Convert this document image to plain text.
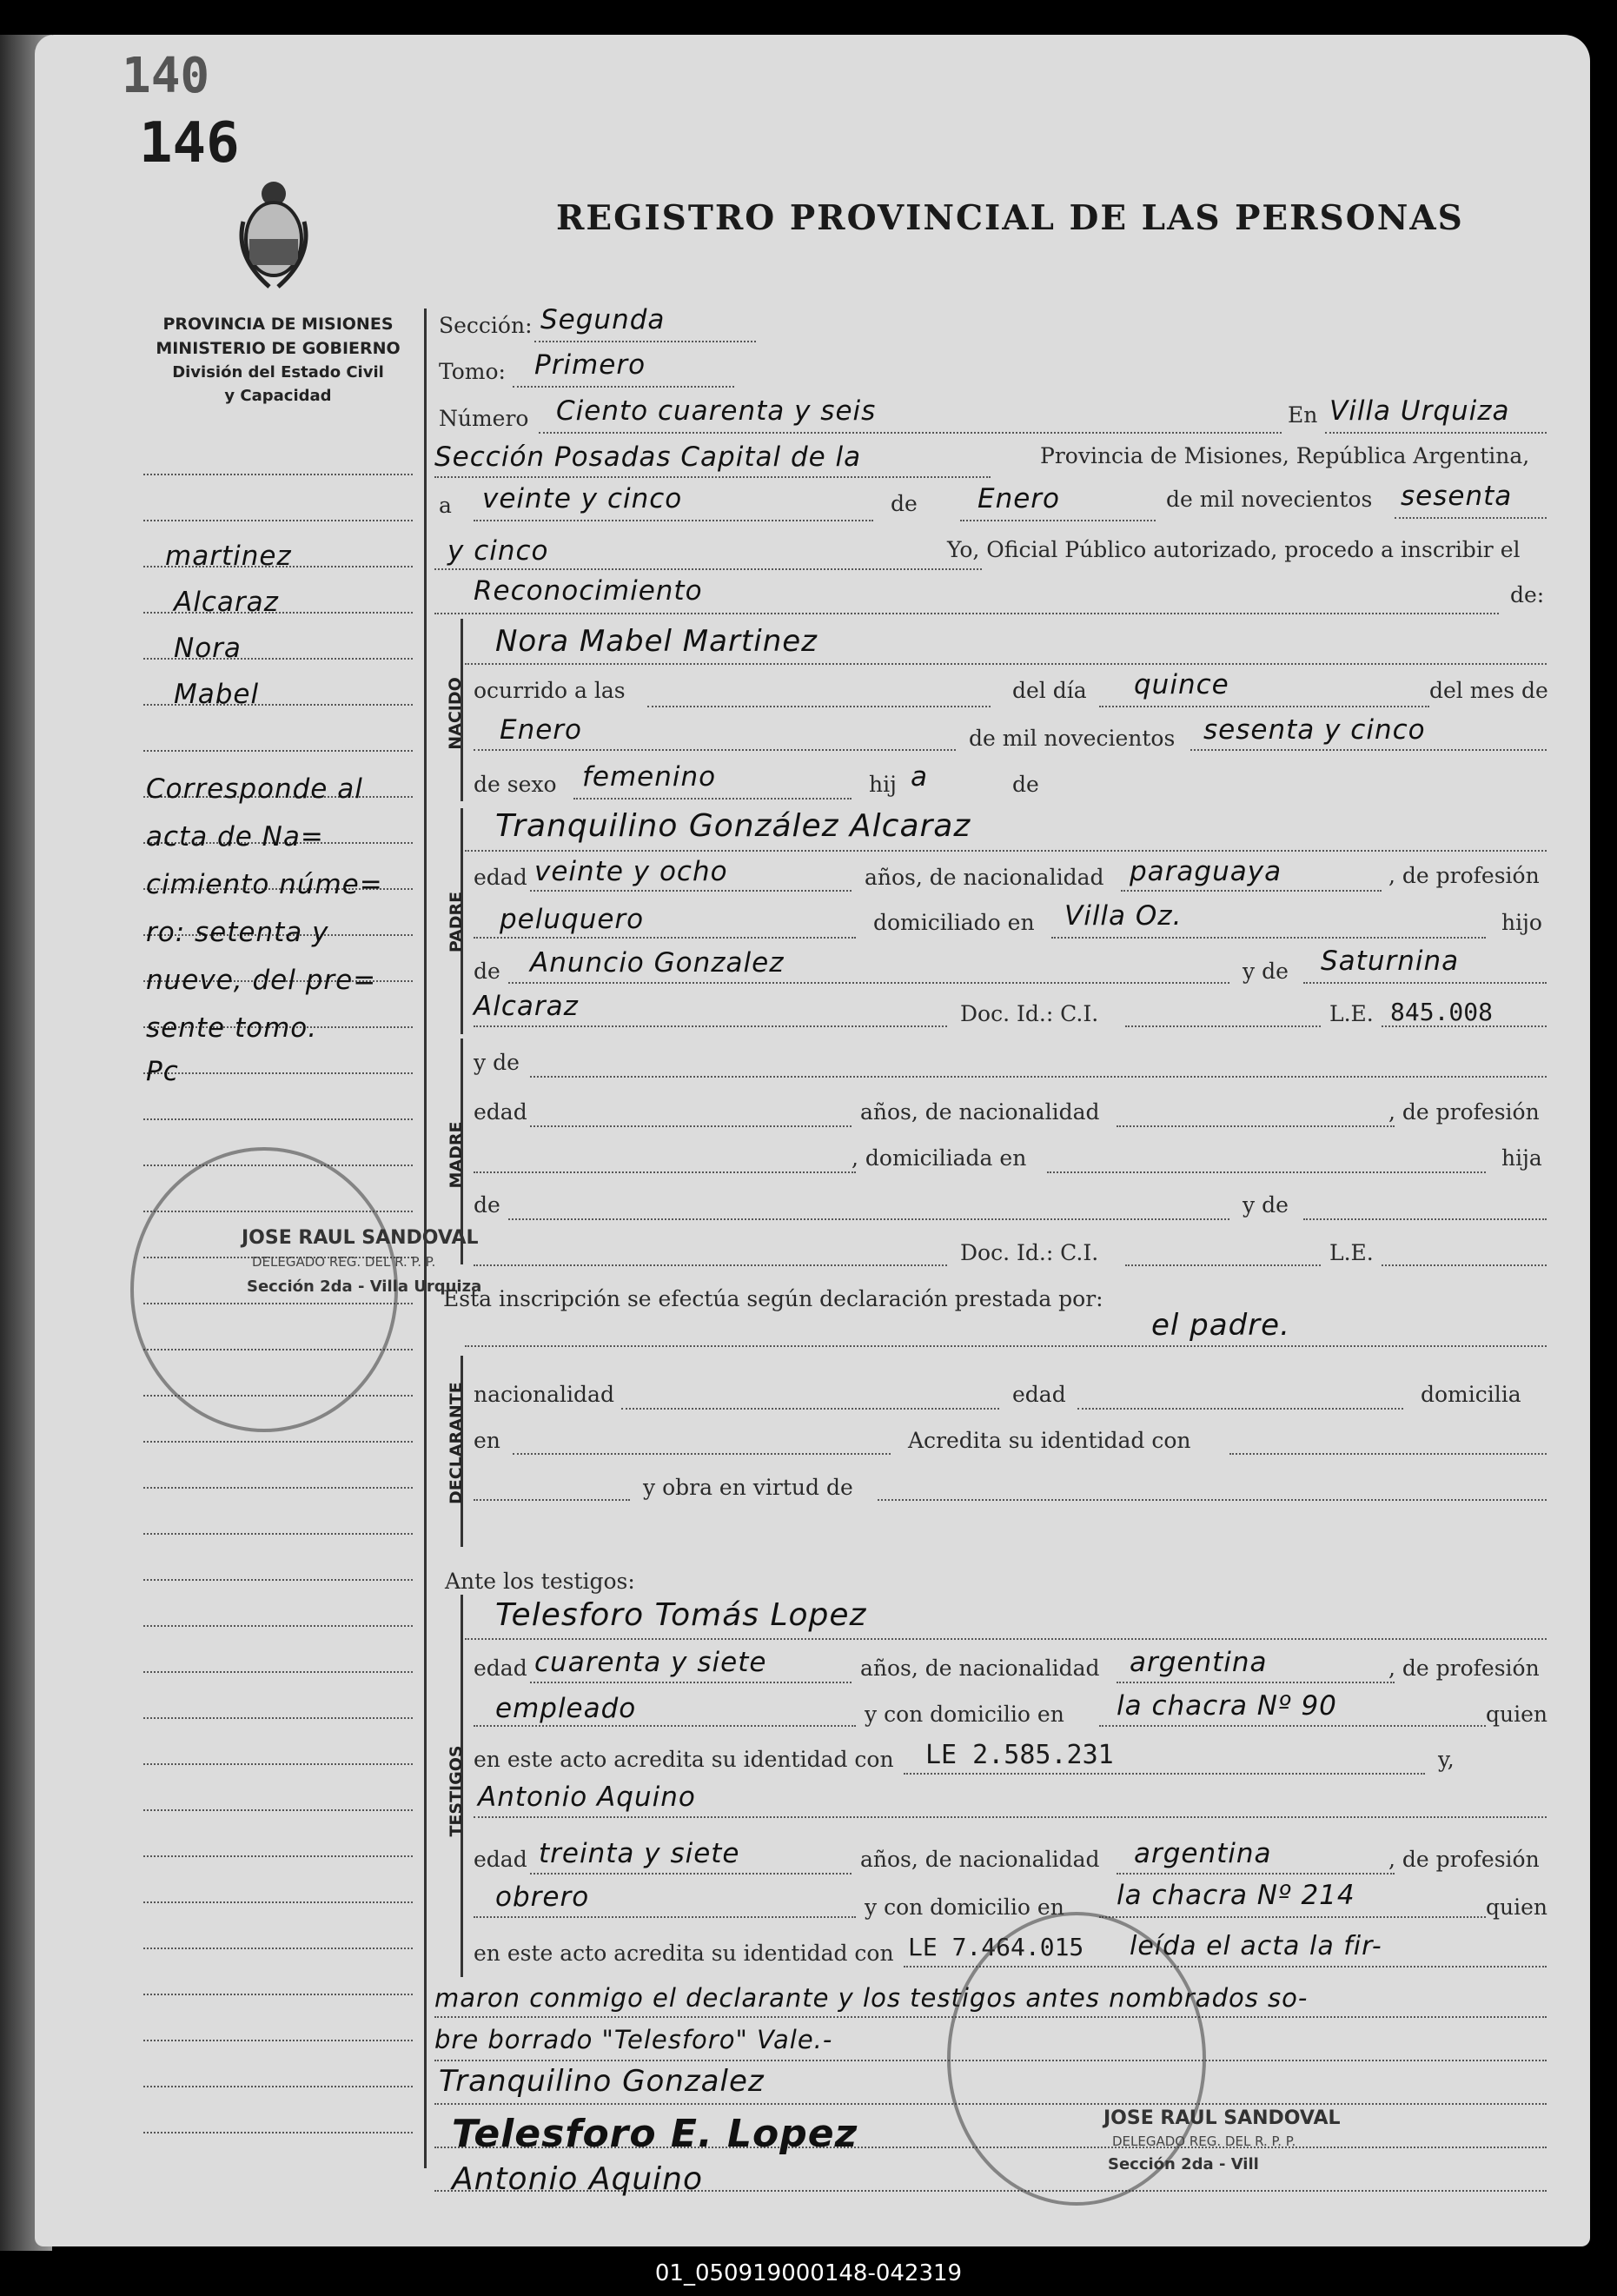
140
146
REGISTRO PROVINCIAL DE LAS PERSONAS
PROVINCIA DE MISIONES
MINISTERIO DE GOBIERNO
División del Estado Civil
y Capacidad
martinez
Alcaraz
Nora
Mabel
Corresponde al
acta de Na=
cimiento núme=
ro: setenta y
nueve, del pre=
sente tomo.
Pc
JOSE RAUL SANDOVAL
DELEGADO REG. DEL R. P. P.
Sección 2da - Villa Urquiza
Sección: Segunda
Tomo: Primero
Número Ciento cuarenta y seis	En Villa Urquiza
Sección Posadas Capital de la	Provincia de Misiones, República Argentina,
a veinte y cinco	de Enero	de mil novecientos sesenta
y cinco	Yo, Oficial Público autorizado, procedo a inscribir el
Reconocimiento	de:
NACIDO
Nora Mabel Martinez
ocurrido a las	del día quince	del mes de
Enero	de mil novecientos sesenta y cinco
de sexo femenino	hij a	de
PADRE
Tranquilino González Alcaraz
edad veinte y ocho	años, de nacionalidad paraguaya	, de profesión
peluquero	domiciliado en Villa Oz.	hijo
de Anuncio Gonzalez	y de Saturnina
Alcaraz	Doc. Id.: C.I.	L.E. 845.008
MADRE
y de
edad	años, de nacionalidad	, de profesión
, domiciliada en	hija
de	y de
Doc. Id.: C.I.	L.E.
Esta inscripción se efectúa según declaración prestada por:
el padre.
DECLARANTE nacionalidad	edad	domicilia
en	Acredita su identidad con
y obra en virtud de
Ante los testigos:
TESTIGOS
Telesforo Tomás Lopez
edad cuarenta y siete	años, de nacionalidad argentina	, de profesión
empleado	y con domicilio en la chacra Nº 90	quien
en este acto acredita su identidad con LE 2.585.231	y,
Antonio Aquino
edad treinta y siete	años, de nacionalidad argentina	, de profesión
obrero	y con domicilio en la chacra Nº 214	quien
en este acto acredita su identidad con LE 7.464.015 leída el acta la fir-
maron conmigo el declarante y los testigos antes nombrados so-
bre borrado "Telesforo" Vale.-
Tranquilino Gonzalez
Telesforo E. Lopez
Antonio Aquino
JOSE RAUL SANDOVAL
DELEGADO REG. DEL R. P. P.
Sección 2da - Vill
01_050919000148-042319
